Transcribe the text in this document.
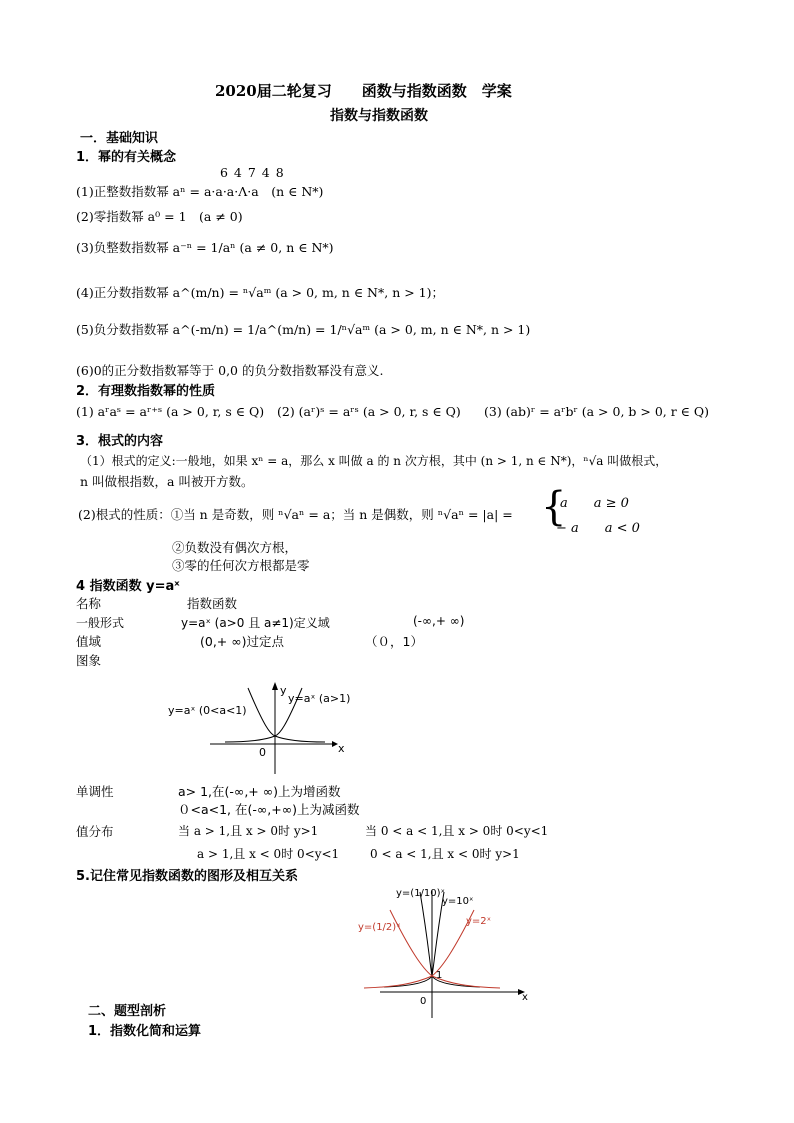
2020届二轮复习　　函数与指数函数　学案
指数与指数函数
一．基础知识
1．幂的有关概念
6 4 7 4 8
(1)正整数指数幂 aⁿ = a·a·a·Λ·a　(n ∈ N*)
(2)零指数幂 a⁰ = 1　(a ≠ 0)
(3)负整数指数幂 a⁻ⁿ = 1/aⁿ (a ≠ 0, n ∈ N*)
(4)正分数指数幂 a^(m/n) = ⁿ√aᵐ (a > 0, m, n ∈ N*, n > 1)；
(5)负分数指数幂 a^(-m/n) = 1/a^(m/n) = 1/ⁿ√aᵐ (a > 0, m, n ∈ N*, n > 1)
(6)0的正分数指数幂等于 0,0 的负分数指数幂没有意义.
2．有理数指数幂的性质
(1) aʳaˢ = aʳ⁺ˢ (a > 0, r, s ∈ Q) (2) (aʳ)ˢ = aʳˢ (a > 0, r, s ∈ Q) (3) (ab)ʳ = aʳbʳ (a > 0, b > 0, r ∈ Q)
3．根式的内容
（1）根式的定义:一般地，如果 xⁿ = a，那么 x 叫做 a 的 n 次方根，其中 (n > 1, n ∈ N*)，ⁿ√a 叫做根式，
n 叫做根指数，a 叫被开方数。
(2)根式的性质：①当 n 是奇数，则 ⁿ√aⁿ = a；当 n 是偶数，则 ⁿ√aⁿ = |a| = {
a　　a ≥ 0
− a　　a < 0
②负数没有偶次方根，
③零的任何次方根都是零
4 指数函数 y=aˣ
名称	指数函数
一般形式	y=aˣ (a>0 且 a≠1)定义域	(-∞,+ ∞)
值域	(0,+ ∞)过定点	（０，1）
图象
y=aˣ (0<a<1)
y=aˣ (a>1)
y
x
0
单调性	a> 1,在(-∞,+ ∞)上为增函数
０<a<1, 在(-∞,+∞)上为减函数
值分布	当 a > 1,且 x > 0时 y>1	当 0 < a < 1,且 x > 0时 0<y<1
a > 1,且 x < 0时 0<y<1	0 < a < 1,且 x < 0时 y>1
5.记住常见指数函数的图形及相互关系
y=(1/10)ˣ
y=10ˣ
y=(1/2)ˣ
y=2ˣ
1
0	x
二、题型剖析
1．指数化简和运算
